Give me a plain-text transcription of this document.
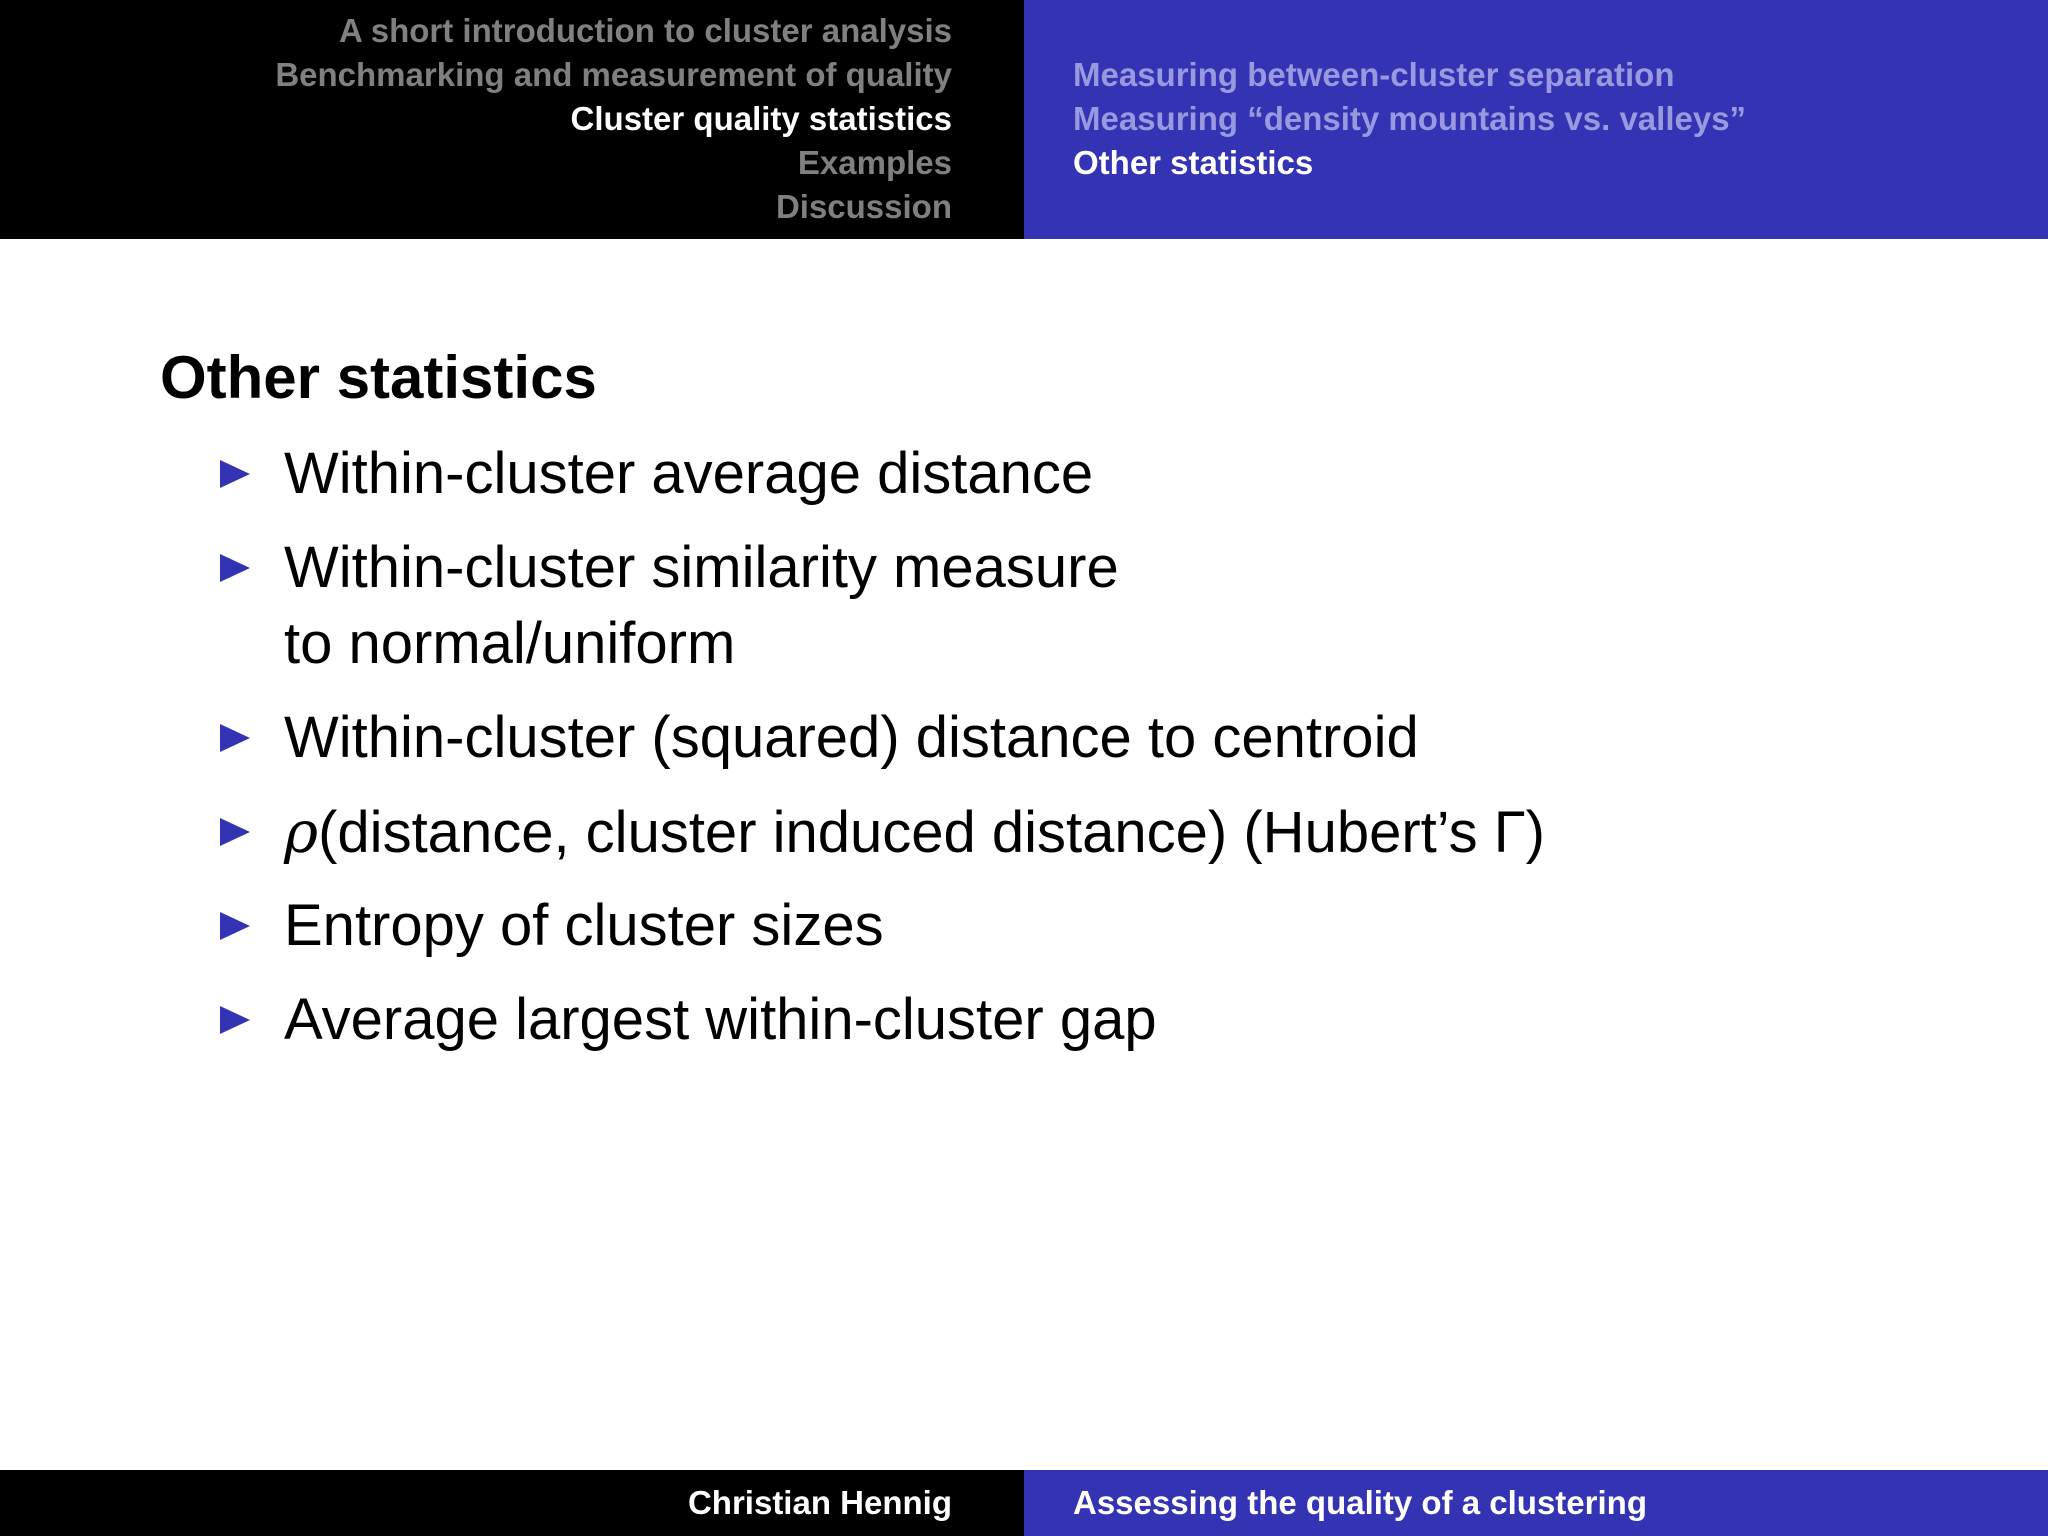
A short introduction to cluster analysis
Benchmarking and measurement of quality
Cluster quality statistics
Examples
Discussion
Measuring between-cluster separation
Measuring “density mountains vs. valleys”
Other statistics
Other statistics
Within-cluster average distance
Within-cluster similarity measure
to normal/uniform
Within-cluster (squared) distance to centroid
ρ(distance, cluster induced distance) (Hubert’s Γ)
Entropy of cluster sizes
Average largest within-cluster gap
Christian Hennig	Assessing the quality of a clustering
